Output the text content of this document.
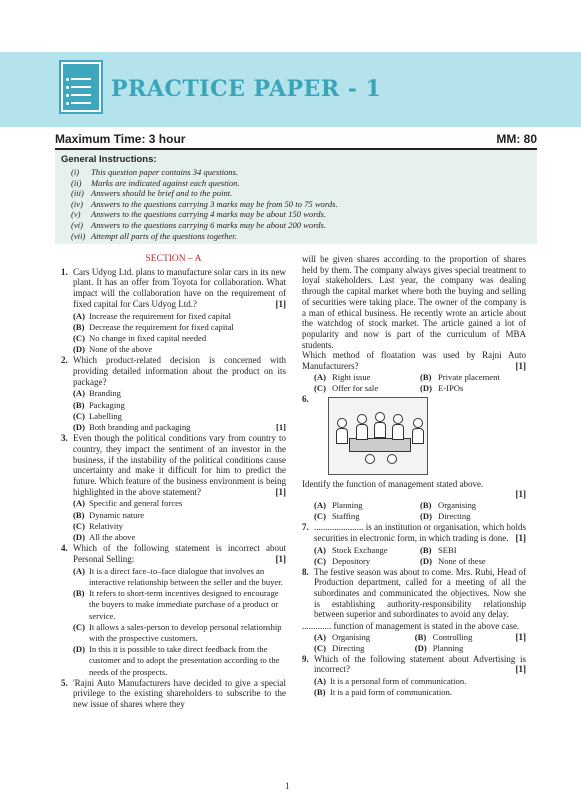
PRACTICE PAPER - 1
Maximum Time: 3 hour	MM: 80
General Instructions:
(i)	This question paper contains 34 questions.
(ii)	Marks are indicated against each question.
(iii) Answers should be brief and to the point.
(iv) Answers to the questions carrying 3 marks may be from 50 to 75 words.
(v)	Answers to the questions carrying 4 marks may be about 150 words.
(vi) Answers to the questions carrying 6 marks may be about 200 words.
(vii) Attempt all parts of the questions together.
SECTION – A
1. Cars Udyog Ltd. plans to manufacture solar cars in its new plant. It has an offer from Toyota for collaboration. What impact will the collaboration have on the requirement of fixed capital for Cars Udyog Ltd.?	[1]
(A) Increase the requirement for fixed capital
(B) Decrease the requirement for fixed capital
(C) No change in fixed capital needed
(D) None of the above
2. Which product-related decision is concerned with providing detailed information about the product on its package?
(A) Branding
(B) Packaging
(C) Labelling
(D) Both branding and packaging	[1]
3. Even though the political conditions vary from country to country, they impact the sentiment of an investor in the business, if the instability of the political conditions cause uncertainty and make it difficult for him to predict the future. Which feature of the business environment is being highlighted in the above statement?	[1]
(A) Specific and general forces
(B) Dynamic nature
(C) Relativity
(D) All the above
4. Which of the following statement is incorrect about Personal Selling:	[1]
(A) It is a direct face–to–face dialogue that involves an interactive relationship between the seller and the buyer.
(B) It refers to short-term incentives designed to encourage the buyers to make immediate purchase of a product or service.
(C) It allows a sales-person to develop personal relationship with the prospective customers.
(D) In this it is possible to take direct feedback from the customer and to adopt the presentation according to the needs of the prospects.
5. 'Rajni Auto Manufacturers have decided to give a special privilege to the existing shareholders to subscribe to the new issue of shares where they
will be given shares according to the proportion of shares held by them. The company always gives special treatment to loyal stakeholders. Last year, the company was dealing through the capital market where both the buying and selling of securities were taking place. The owner of the company is a man of ethical business. He recently wrote an article about the watchdog of stock market. The article gained a lot of popularity and now is part of the curriculum of MBA students.
Which method of floatation was used by Rajni Auto Manufacturers?	[1]
(A) Right issue	(B) Private placement
(C) Offer for sale	(D) E-IPOs
6.
Identify the function of management stated above.
[1]

(A) Planning	(B) Organising
(C) Staffing	(D) Directing
7. ...................... is an institution or organisation, which holds securities in electronic form, in which trading is done. [1]
(A) Stock Exchange	(B) SEBI
(C) Depository	(D) None of these
8. The festive season was about to come. Mrs. Rubi, Head of Production department, called for a meeting of all the subordinates and communicated the objectives. Now she is establishing authority-responsibility relationship between superior and subordinates to avoid any delay.
............. function of management is stated in the above case.
[1]
(A) Organising	(B) Controlling
(C) Directing	(D) Planning
9. Which of the following statement about Advertising is incorrect?	[1]
(A) It is a personal form of communication.
(B) It is a paid form of communication.
1
